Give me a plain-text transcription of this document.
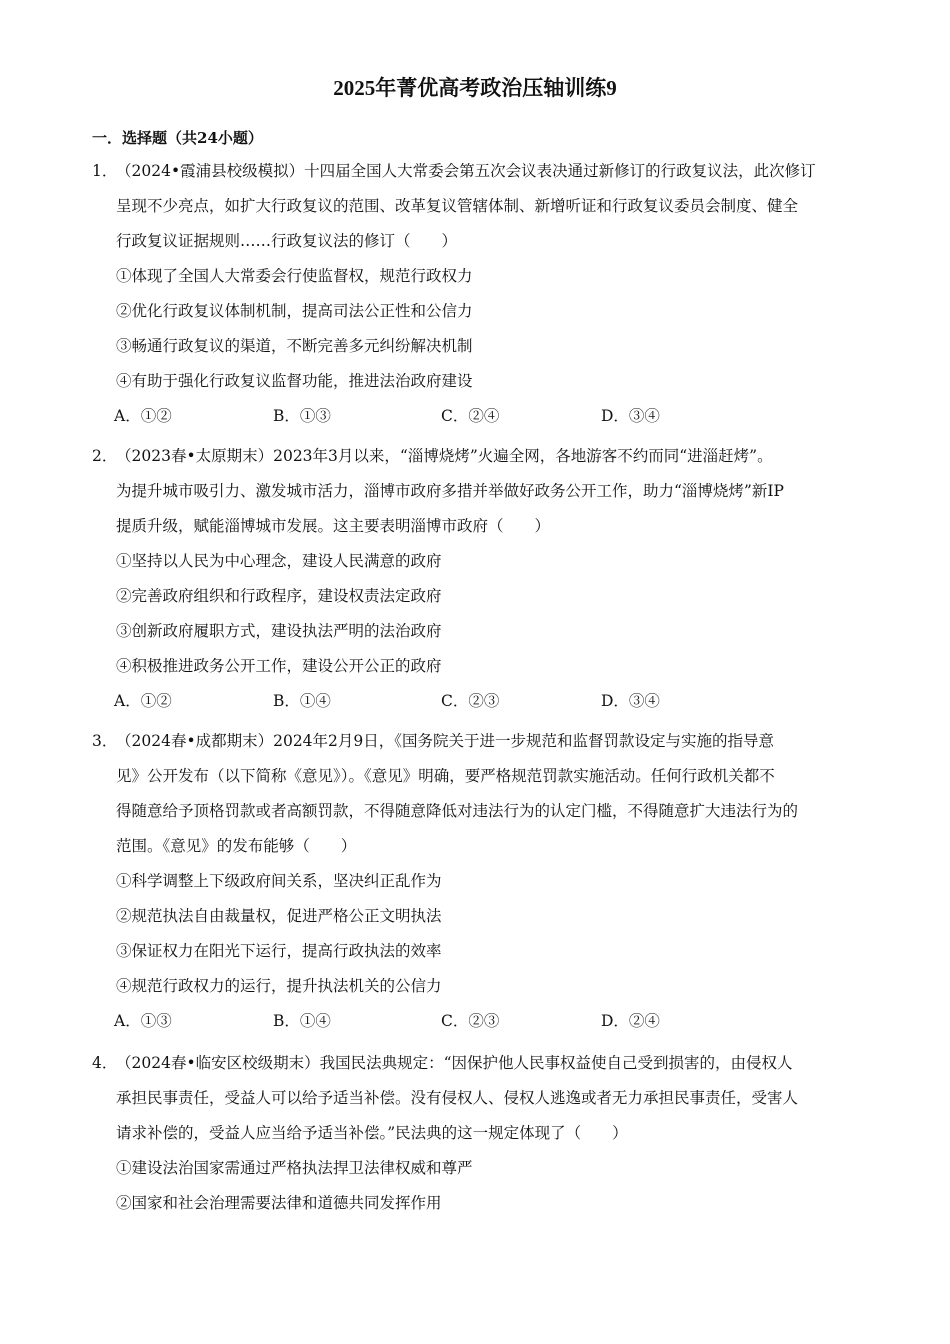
2025年菁优高考政治压轴训练9
一．选择题（共24小题）
1．（2024•霞浦县校级模拟）十四届全国人大常委会第五次会议表决通过新修订的行政复议法，此次修订
呈现不少亮点，如扩大行政复议的范围、改革复议管辖体制、新增听证和行政复议委员会制度、健全
行政复议证据规则……行政复议法的修订（　　）
①体现了全国人大常委会行使监督权，规范行政权力
②优化行政复议体制机制，提高司法公正性和公信力
③畅通行政复议的渠道，不断完善多元纠纷解决机制
④有助于强化行政复议监督功能，推进法治政府建设
A．①②	B．①③	C．②④	D．③④
2．（2023春•太原期末）2023年3月以来，“淄博烧烤”火遍全网，各地游客不约而同“进淄赶烤”。
为提升城市吸引力、激发城市活力，淄博市政府多措并举做好政务公开工作，助力“淄博烧烤”新IP
提质升级，赋能淄博城市发展。这主要表明淄博市政府（　　）
①坚持以人民为中心理念，建设人民满意的政府
②完善政府组织和行政程序，建设权责法定政府
③创新政府履职方式，建设执法严明的法治政府
④积极推进政务公开工作，建设公开公正的政府
A．①②	B．①④	C．②③	D．③④
3．（2024春•成都期末）2024年2月9日，《国务院关于进一步规范和监督罚款设定与实施的指导意
见》公开发布（以下简称《意见》）。《意见》明确，要严格规范罚款实施活动。任何行政机关都不
得随意给予顶格罚款或者高额罚款，不得随意降低对违法行为的认定门槛，不得随意扩大违法行为的
范围。《意见》的发布能够（　　）
①科学调整上下级政府间关系，坚决纠正乱作为
②规范执法自由裁量权，促进严格公正文明执法
③保证权力在阳光下运行，提高行政执法的效率
④规范行政权力的运行，提升执法机关的公信力
A．①③	B．①④	C．②③	D．②④
4．（2024春•临安区校级期末）我国民法典规定：“因保护他人民事权益使自己受到损害的，由侵权人
承担民事责任，受益人可以给予适当补偿。没有侵权人、侵权人逃逸或者无力承担民事责任，受害人
请求补偿的，受益人应当给予适当补偿。”民法典的这一规定体现了（　　）
①建设法治国家需通过严格执法捍卫法律权威和尊严
②国家和社会治理需要法律和道德共同发挥作用
